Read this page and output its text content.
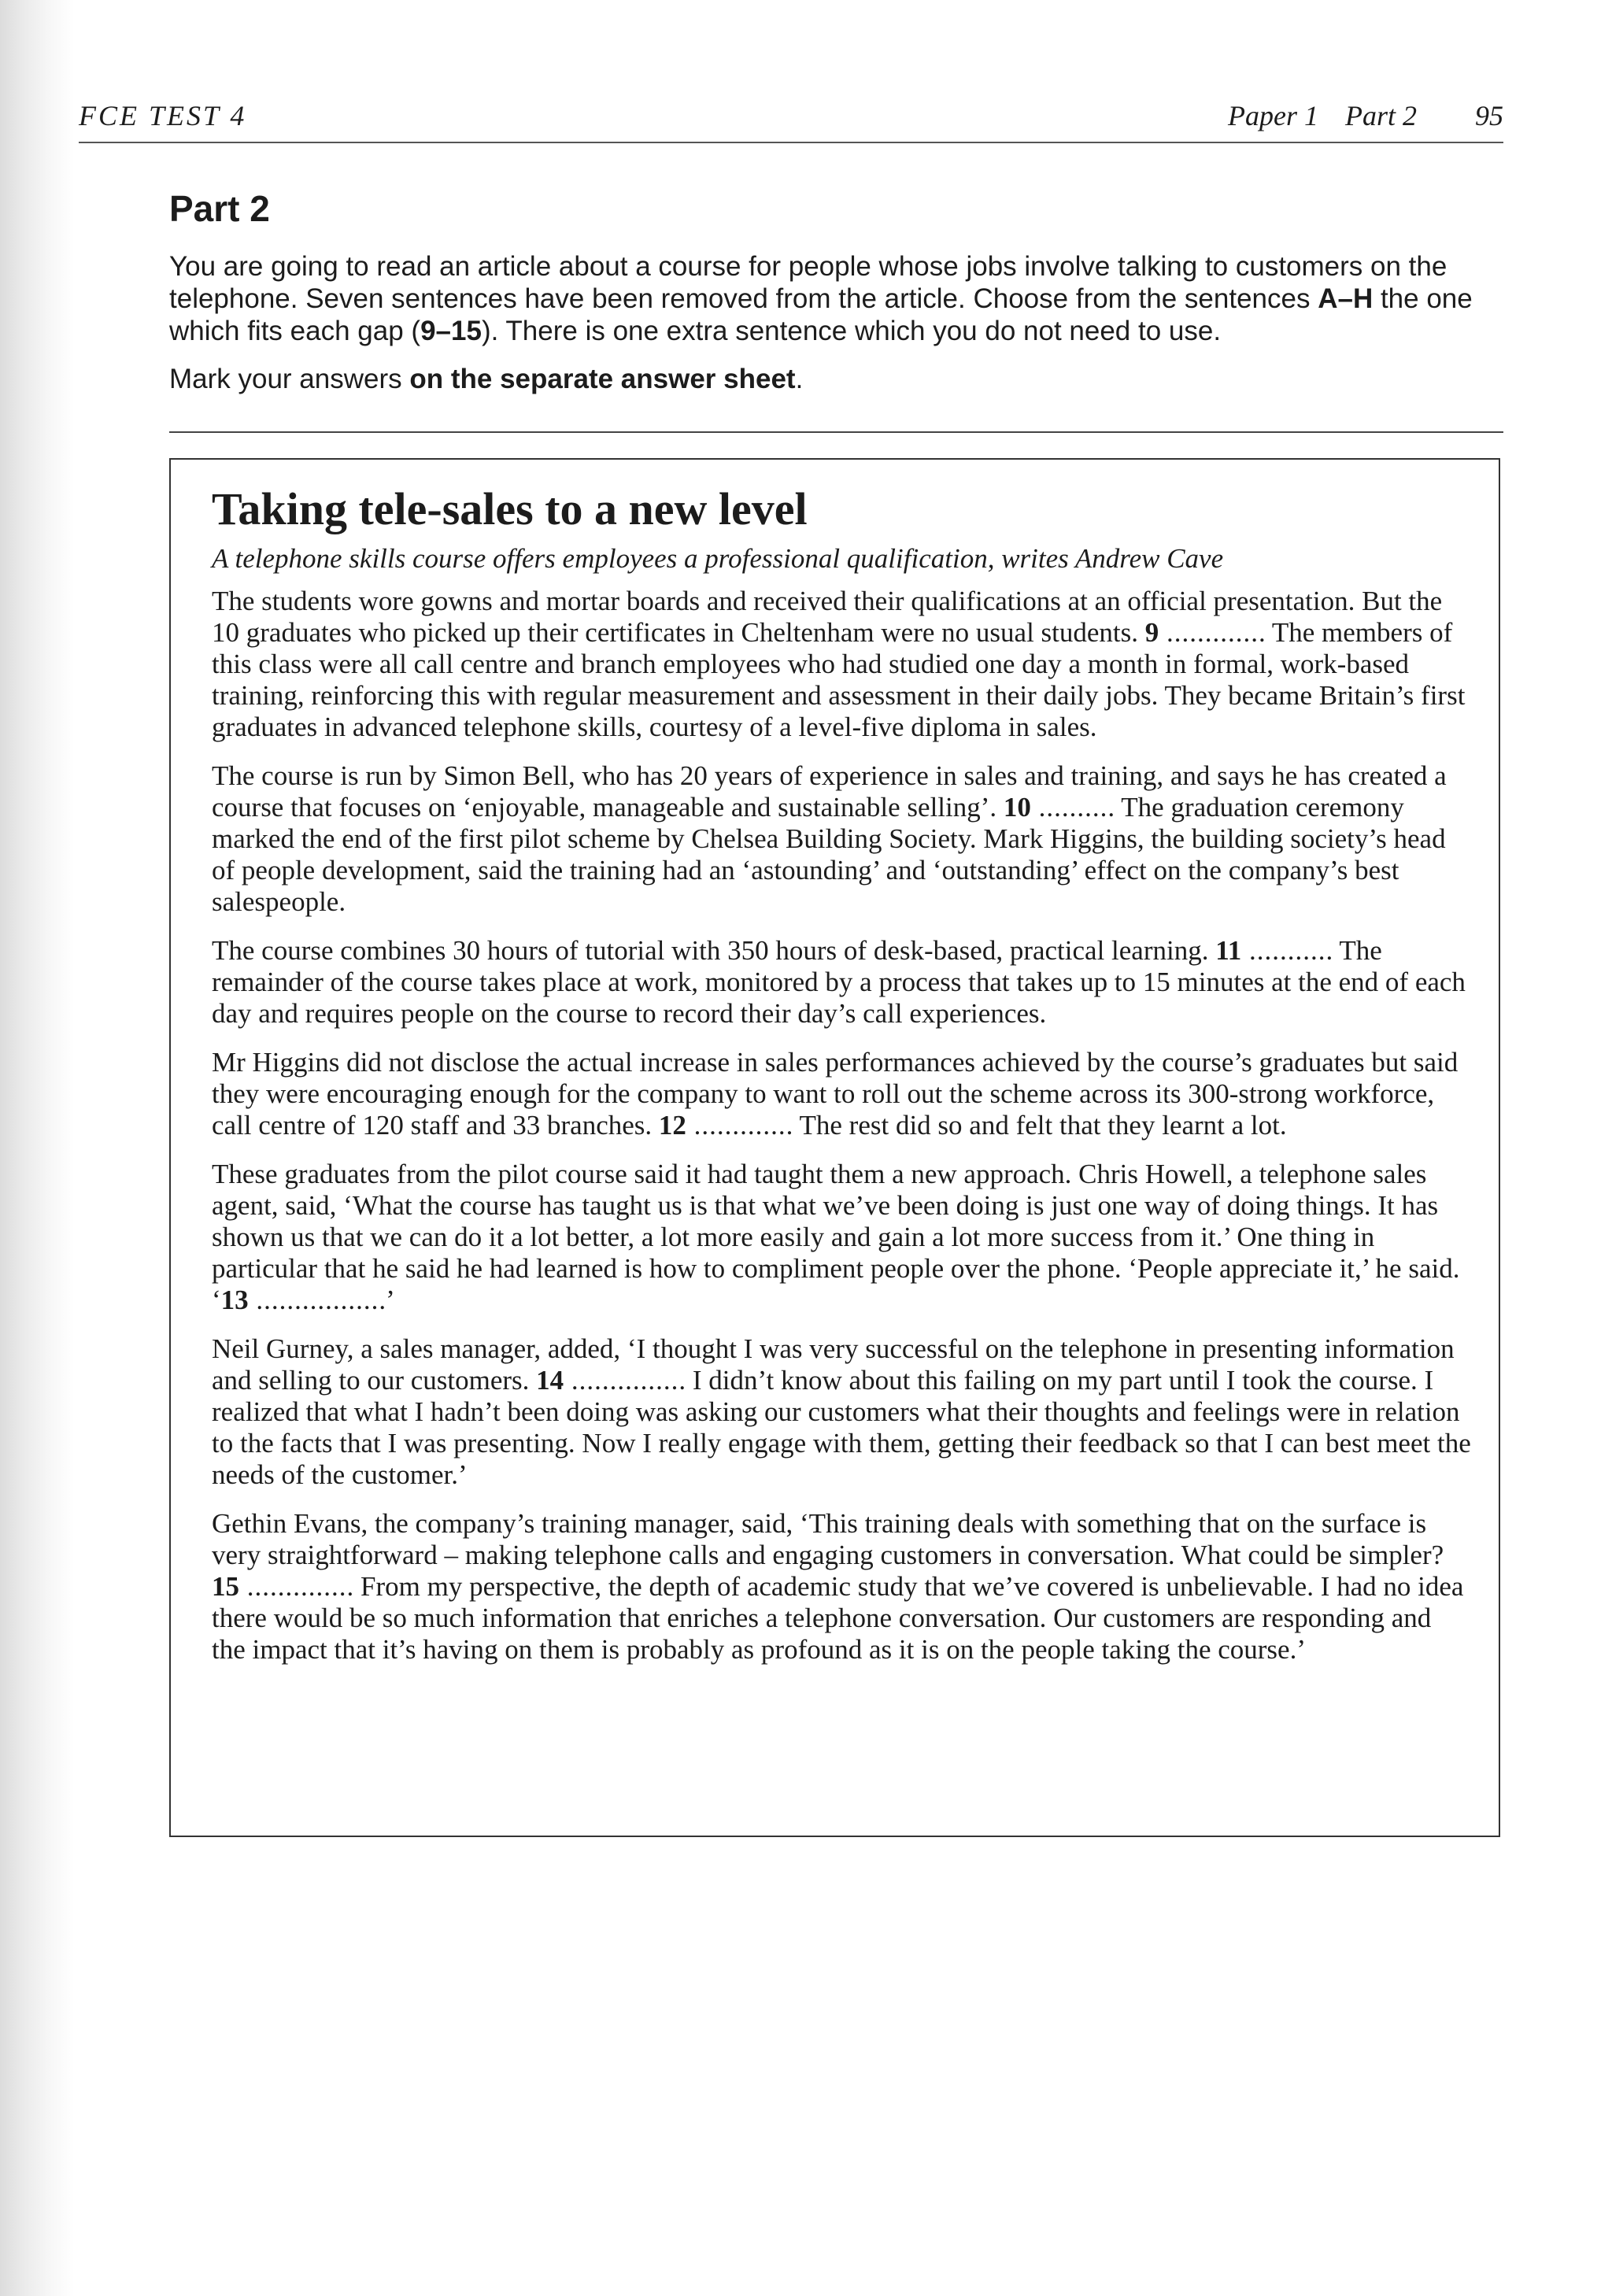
FCE TEST 4	Paper 1 Part 2 95
Part 2

You are going to read an article about a course for people whose jobs involve talking to customers on the telephone. Seven sentences have been removed from the article. Choose from the sentences A–H the one which fits each gap (9–15). There is one extra sentence which you do not need to use.

Mark your answers on the separate answer sheet.

Taking tele-sales to a new level

A telephone skills course offers employees a professional qualification, writes Andrew Cave

The students wore gowns and mortar boards and received their qualifications at an official presentation. But the 10 graduates who picked up their certificates in Cheltenham were no usual students. 9 ............. The members of this class were all call centre and branch employees who had studied one day a month in formal, work-based training, reinforcing this with regular measurement and assessment in their daily jobs. They became Britain’s first graduates in advanced telephone skills, courtesy of a level-five diploma in sales.

The course is run by Simon Bell, who has 20 years of experience in sales and training, and says he has created a course that focuses on ‘enjoyable, manageable and sustainable selling’. 10 .......... The graduation ceremony marked the end of the first pilot scheme by Chelsea Building Society. Mark Higgins, the building society’s head of people development, said the training had an ‘astounding’ and ‘outstanding’ effect on the company’s best salespeople.

The course combines 30 hours of tutorial with 350 hours of desk-based, practical learning. 11 ........... The remainder of the course takes place at work, monitored by a process that takes up to 15 minutes at the end of each day and requires people on the course to record their day’s call experiences.

Mr Higgins did not disclose the actual increase in sales performances achieved by the course’s graduates but said they were encouraging enough for the company to want to roll out the scheme across its 300-strong workforce, call centre of 120 staff and 33 branches. 12 ............. The rest did so and felt that they learnt a lot.

These graduates from the pilot course said it had taught them a new approach. Chris Howell, a telephone sales agent, said, ‘What the course has taught us is that what we’ve been doing is just one way of doing things. It has shown us that we can do it a lot better, a lot more easily and gain a lot more success from it.’ One thing in particular that he said he had learned is how to compliment people over the phone. ‘People appreciate it,’ he said. ‘13 .................’

Neil Gurney, a sales manager, added, ‘I thought I was very successful on the telephone in presenting information and selling to our customers. 14 ............... I didn’t know about this failing on my part until I took the course. I realized that what I hadn’t been doing was asking our customers what their thoughts and feelings were in relation to the facts that I was presenting. Now I really engage with them, getting their feedback so that I can best meet the needs of the customer.’

Gethin Evans, the company’s training manager, said, ‘This training deals with something that on the surface is very straightforward – making telephone calls and engaging customers in conversation. What could be simpler? 15 .............. From my perspective, the depth of academic study that we’ve covered is unbelievable. I had no idea there would be so much information that enriches a telephone conversation. Our customers are responding and the impact that it’s having on them is probably as profound as it is on the people taking the course.’
